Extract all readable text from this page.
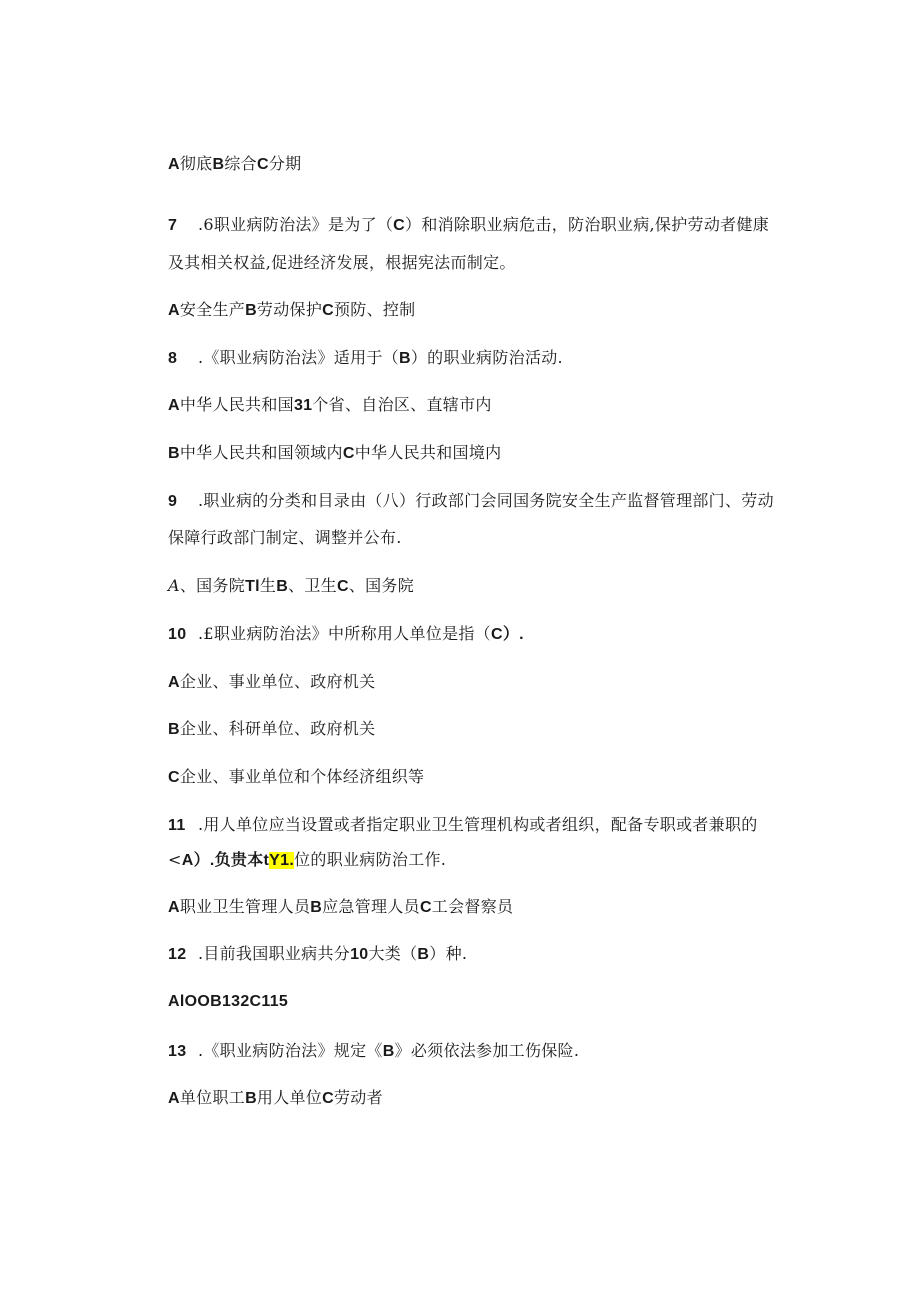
A彻底B综合C分期
7 .6职业病防治法》是为了（C）和消除职业病危击，防治职业病,保护劳动者健康
及其相关权益,促进经济发展，根据宪法而制定。
A安全生产B劳动保护C预防、控制
8 .《职业病防治法》适用于（B）的职业病防治活动.
A中华人民共和国31个省、自治区、直辖市内
B中华人民共和国领域内C中华人民共和国境内
9 .职业病的分类和目录由（八）行政部门会同国务院安全生产监督管理部门、劳动
保障行政部门制定、调整并公布.
A、国务院Tl生B、卫生C、国务院
10 .£职业病防治法》中所称用人单位是指（C）.
A企业、事业单位、政府机关
B企业、科研单位、政府机关
C企业、事业单位和个体经济组织等
11 .用人单位应当设置或者指定职业卫生管理机构或者组织，配备专职或者兼职的
<A）.负贵本tY1.位的职业病防治工作.
A职业卫生管理人员B应急管理人员C工会督察员
12 .目前我国职业病共分10大类（B）种.
AlOOB132C115
13 .《职业病防治法》规定《B》必须依法参加工伤保险.
A单位职工B用人单位C劳动者
